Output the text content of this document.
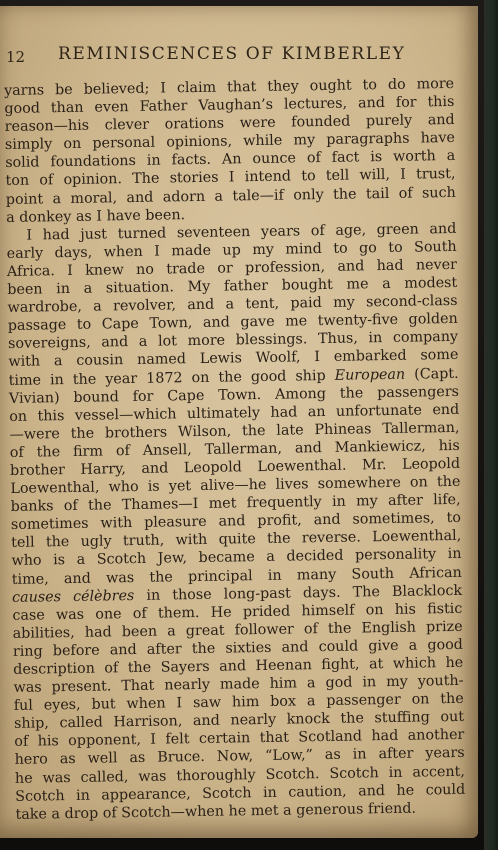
12 REMINISCENCES OF KIMBERLEY
yarns be believed; I claim that they ought to do more
good than even Father Vaughan’s lectures, and for this
reason—his clever orations were founded purely and
simply on personal opinions, while my paragraphs have
solid foundations in facts. An ounce of fact is worth a
ton of opinion. The stories I intend to tell will, I trust,
point a moral, and adorn a tale—if only the tail of such
a donkey as I have been.
I had just turned seventeen years of age, green and
early days, when I made up my mind to go to South
Africa. I knew no trade or profession, and had never
been in a situation. My father bought me a modest
wardrobe, a revolver, and a tent, paid my second-class
passage to Cape Town, and gave me twenty-five golden
sovereigns, and a lot more blessings. Thus, in company
with a cousin named Lewis Woolf, I embarked some
time in the year 1872 on the good ship European (Capt.
Vivian) bound for Cape Town. Among the passengers
on this vessel—which ultimately had an unfortunate end
—were the brothers Wilson, the late Phineas Tallerman,
of the firm of Ansell, Tallerman, and Mankiewicz, his
brother Harry, and Leopold Loewenthal. Mr. Leopold
Loewenthal, who is yet alive—he lives somewhere on the
banks of the Thames—I met frequently in my after life,
sometimes with pleasure and profit, and sometimes, to
tell the ugly truth, with quite the reverse. Loewenthal,
who is a Scotch Jew, became a decided personality in
time, and was the principal in many South African
causes célèbres in those long-past days. The Blacklock
case was one of them. He prided himself on his fistic
abilities, had been a great follower of the English prize
ring before and after the sixties and could give a good
description of the Sayers and Heenan fight, at which he
was present. That nearly made him a god in my youth-
ful eyes, but when I saw him box a passenger on the
ship, called Harrison, and nearly knock the stuffing out
of his opponent, I felt certain that Scotland had another
hero as well as Bruce. Now, “Low,” as in after years
he was called, was thoroughly Scotch. Scotch in accent,
Scotch in appearance, Scotch in caution, and he could
take a drop of Scotch—when he met a generous friend.
